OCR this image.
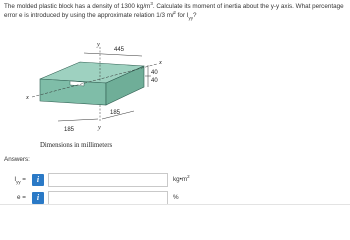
The molded plastic block has a density of 1300 $kg/m^3$. Calculate its moment of inertia about the y-y axis. What percentage error e is introduced by using the approximate relation 1/3 $ml^2$ for $I_{yy}$?
445
40
40
185
185
y
y
x
x
Dimensions in millimeters
Answers:
$I_{yy}$ =	i	$kg•m^2$
e =	i	%
